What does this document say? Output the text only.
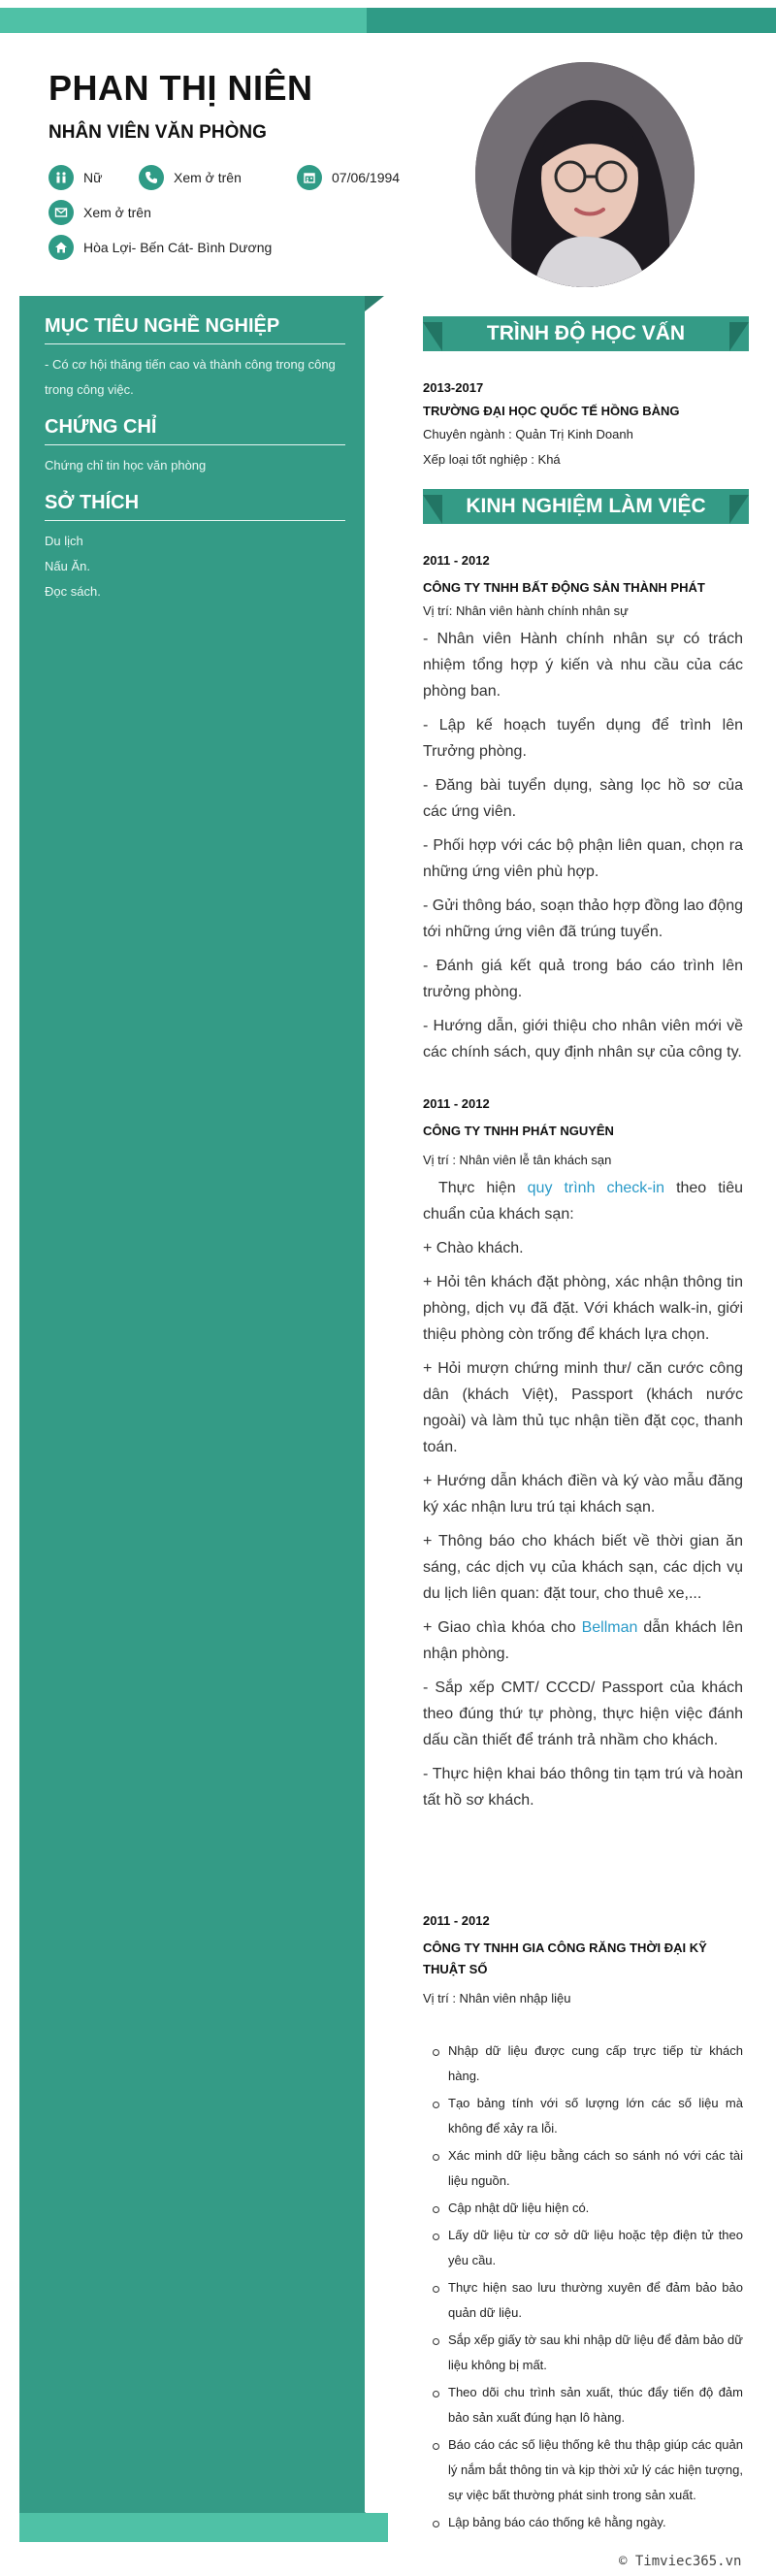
PHAN THỊ NIÊN
NHÂN VIÊN VĂN PHÒNG
Nữ	Xem ở trên	07/06/1994
Xem ở trên
Hòa Lợi- Bến Cát- Bình Dương
MỤC TIÊU NGHỀ NGHIỆP
- Có cơ hội thăng tiến cao và thành công trong công trong công việc.
CHỨNG CHỈ
Chứng chỉ tin học văn phòng
SỞ THÍCH
Du lịch
Nấu Ăn.
Đọc sách.
TRÌNH ĐỘ HỌC VẤN
2013-2017
TRƯỜNG ĐẠI HỌC QUỐC TẾ HỒNG BÀNG
Chuyên ngành : Quản Trị Kinh Doanh
Xếp loại tốt nghiệp : Khá
KINH NGHIỆM LÀM VIỆC
2011 - 2012
CÔNG TY TNHH BẤT ĐỘNG SẢN THÀNH PHÁT
Vị trí: Nhân viên hành chính nhân sự
- Nhân viên Hành chính nhân sự có trách nhiệm tổng hợp ý kiến và nhu cầu của các phòng ban.
- Lập kế hoạch tuyển dụng để trình lên Trưởng phòng.
- Đăng bài tuyển dụng, sàng lọc hồ sơ của các ứng viên.
- Phối hợp với các bộ phận liên quan, chọn ra những ứng viên phù hợp.
- Gửi thông báo, soạn thảo hợp đồng lao động tới những ứng viên đã trúng tuyển.
- Đánh giá kết quả trong báo cáo trình lên trưởng phòng.
- Hướng dẫn, giới thiệu cho nhân viên mới về các chính sách, quy định nhân sự của công ty.
2011 - 2012
CÔNG TY TNHH PHÁT NGUYÊN
Vị trí : Nhân viên lễ tân khách sạn
Thực hiện quy trình check-in theo tiêu chuẩn của khách sạn:
+ Chào khách.
+ Hỏi tên khách đặt phòng, xác nhận thông tin phòng, dịch vụ đã đặt. Với khách walk-in, giới thiệu phòng còn trống để khách lựa chọn.
+ Hỏi mượn chứng minh thư/ căn cước công dân (khách Việt), Passport (khách nước ngoài) và làm thủ tục nhận tiền đặt cọc, thanh toán.
+ Hướng dẫn khách điền và ký vào mẫu đăng ký xác nhận lưu trú tại khách sạn.
+ Thông báo cho khách biết về thời gian ăn sáng, các dịch vụ của khách sạn, các dịch vụ du lịch liên quan: đặt tour, cho thuê xe,...
+ Giao chìa khóa cho Bellman dẫn khách lên nhận phòng.
- Sắp xếp CMT/ CCCD/ Passport của khách theo đúng thứ tự phòng, thực hiện việc đánh dấu cần thiết để tránh trả nhầm cho khách.
- Thực hiện khai báo thông tin tạm trú và hoàn tất hồ sơ khách.
2011 - 2012
CÔNG TY TNHH GIA CÔNG RĂNG THỜI ĐẠI KỸ THUẬT SỐ
Vị trí : Nhân viên nhập liệu
Nhập dữ liệu được cung cấp trực tiếp từ khách hàng.
Tạo bảng tính với số lượng lớn các số liệu mà không để xảy ra lỗi.
Xác minh dữ liệu bằng cách so sánh nó với các tài liệu nguồn.
Cập nhật dữ liệu hiện có.
Lấy dữ liệu từ cơ sở dữ liệu hoặc tệp điện tử theo yêu cầu.
Thực hiện sao lưu thường xuyên để đảm bảo bảo quản dữ liệu.
Sắp xếp giấy tờ sau khi nhập dữ liệu để đảm bảo dữ liệu không bị mất.
Theo dõi chu trình sản xuất, thúc đẩy tiến độ đảm bảo sản xuất đúng hạn lô hàng.
Báo cáo các số liệu thống kê thu thập giúp các quản lý nắm bắt thông tin và kịp thời xử lý các hiện tượng, sự việc bất thường phát sinh trong sản xuất.
Lập bảng báo cáo thống kê hằng ngày.
© Timviec365.vn
